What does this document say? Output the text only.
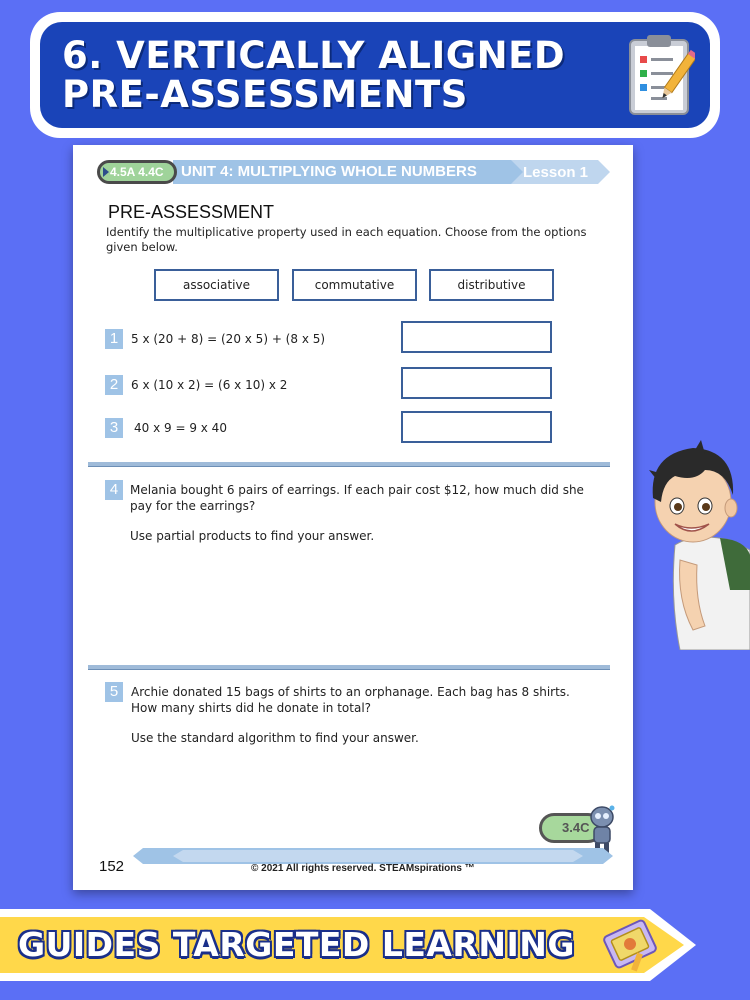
6. VERTICALLY ALIGNED
PRE-ASSESSMENTS
4.5A 4.4C	UNIT 4: MULTIPLYING WHOLE NUMBERS	Lesson 1
PRE-ASSESSMENT
Identify the multiplicative property used in each equation. Choose from the options given below.
associative	commutative	distributive
1	5 x (20 + 8) = (20 x 5) + (8 x 5)
2	6 x (10 x 2) = (6 x 10) x 2
3	40 x 9 = 9 x 40
4 Melania bought 6 pairs of earrings. If each pair cost $12, how much did she pay for the earrings?
Use partial products to find your answer.
5	Archie donated 15 bags of shirts to an orphanage. Each bag has 8 shirts. How many shirts did he donate in total?
Use the standard algorithm to find your answer.
3.4C
152	© 2021 All rights reserved. STEAMspirations ™
GUIDES TARGETED LEARNING
